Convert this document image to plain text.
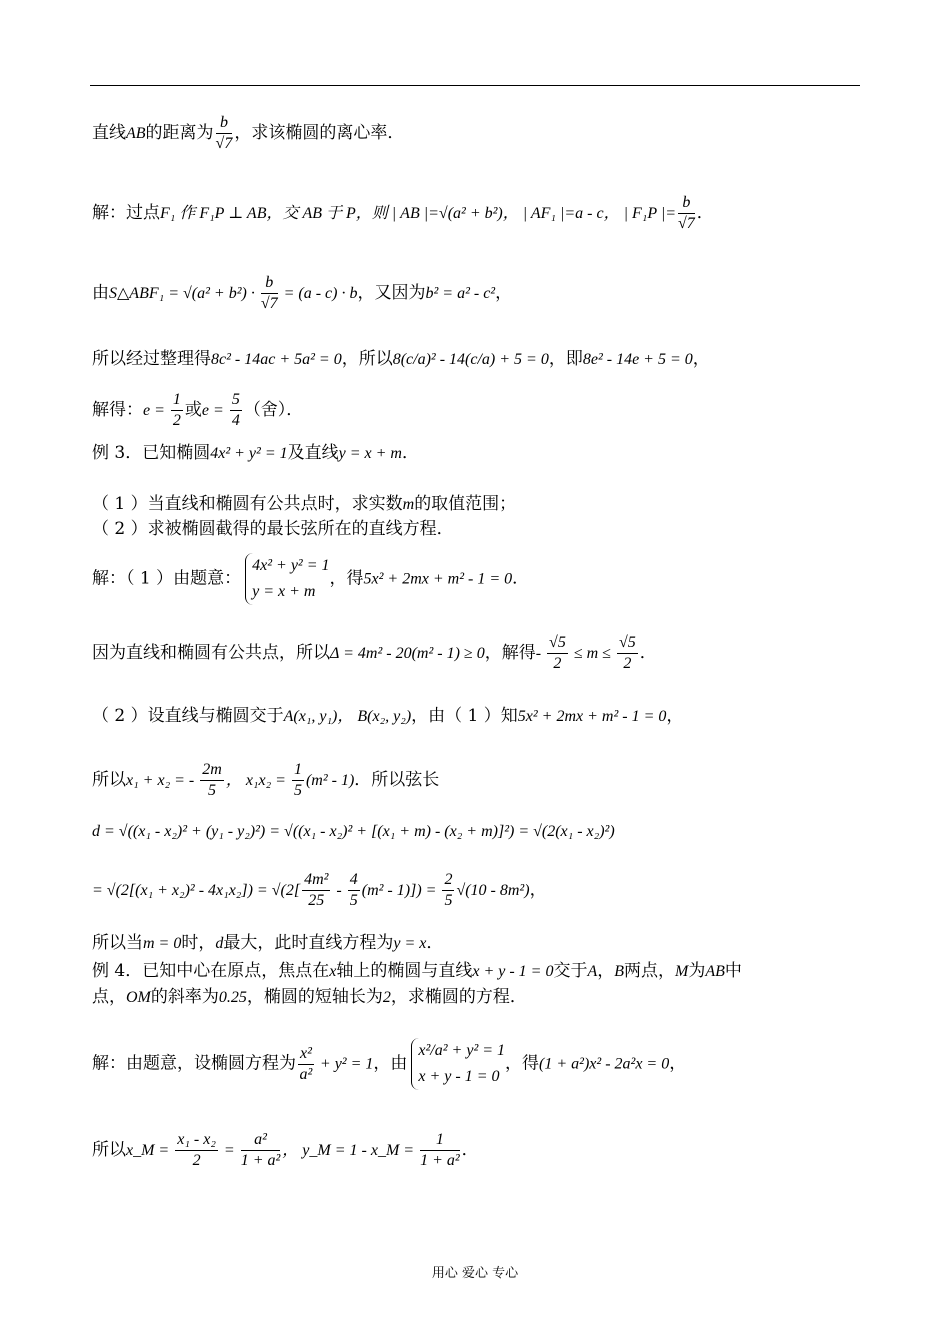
直线AB的距离为 $\frac{b}{√7}$ ，求该椭圆的离心率．
解：过点F₁ 作 F₁P ⊥ AB，交 AB 于 P，则 | AB |=√(a² + b²)， | AF₁ |=a - c， | F₁P |= $\frac{b}{√7}$ ．
由S△ABF₁ = $√(a^2 + b^2) \cdot \frac{b}{√7} = (a - c) \cdot b$，又因为b² = a² - c²，
所以经过整理得8c² - 14ac + 5a² = 0，所以8(c/a)² - 14(c/a) + 5 = 0，即8e² - 14e + 5 = 0，
解得：$e = \frac{1}{2}$ 或$e = \frac{5}{4}$ （舍）．
例 3．已知椭圆4x² + y² = 1及直线y = x + m．
（ 1 ）当直线和椭圆有公共点时，求实数m的取值范围；
（ 2 ）求被椭圆截得的最长弦所在的直线方程．
解：（ 1 ）由题意：
4x² + y² = 1
y = x + m
，得5x² + 2mx + m² - 1 = 0．
因为直线和椭圆有公共点，所以Δ = 4m² - 20(m² - 1) ≥ 0，解得- $\frac{√5}{2} \le m \le \frac{√5}{2}$ ．
（ 2 ）设直线与椭圆交于A(x₁, y₁)， B(x₂, y₂)，由（ 1 ）知5x² + 2mx + m² - 1 = 0，
所以x₁ + x₂ = - $\frac{2m}{5}$ ， $x_1x_2 = \frac{1}{5} (m^2 - 1)$．所以弦长
d = √((x₁ - x₂)² + (y₁ - y₂)²) = √((x₁ - x₂)² + [(x₁ + m) - (x₂ + m)]²) = √(2(x₁ - x₂)²)
= $√(2[(x_1 + x_2)^2 - 4x_1x_2]) = √(2[ \frac{\text{4m²}}{25} - \frac{4}{5} (m^2 - 1)]) = \frac{2}{5} √(10 - 8m^2)$，
所以当m = 0时，d最大，此时直线方程为y = x．
例 4．已知中心在原点，焦点在x轴上的椭圆与直线x + y - 1 = 0交于A，B两点，M为AB中
点，OM的斜率为0.25，椭圆的短轴长为2，求椭圆的方程．
解：由题意，设椭圆方程为 $\frac{\text{x²}}{\text{a²}} + y^2 = 1$，由
x²/a² + y² = 1
x + y - 1 = 0
，得(1 + a²)x² - 2a²x = 0，
所以x_M = $\frac{\text{x₁ - x₂}}{2} = \frac{\text{a²}}{\text{1 + a²}}$ ， y_M = 1 - x_M = $\frac{1}{\text{1 + a²}}$ ．
用心 爱心 专心
